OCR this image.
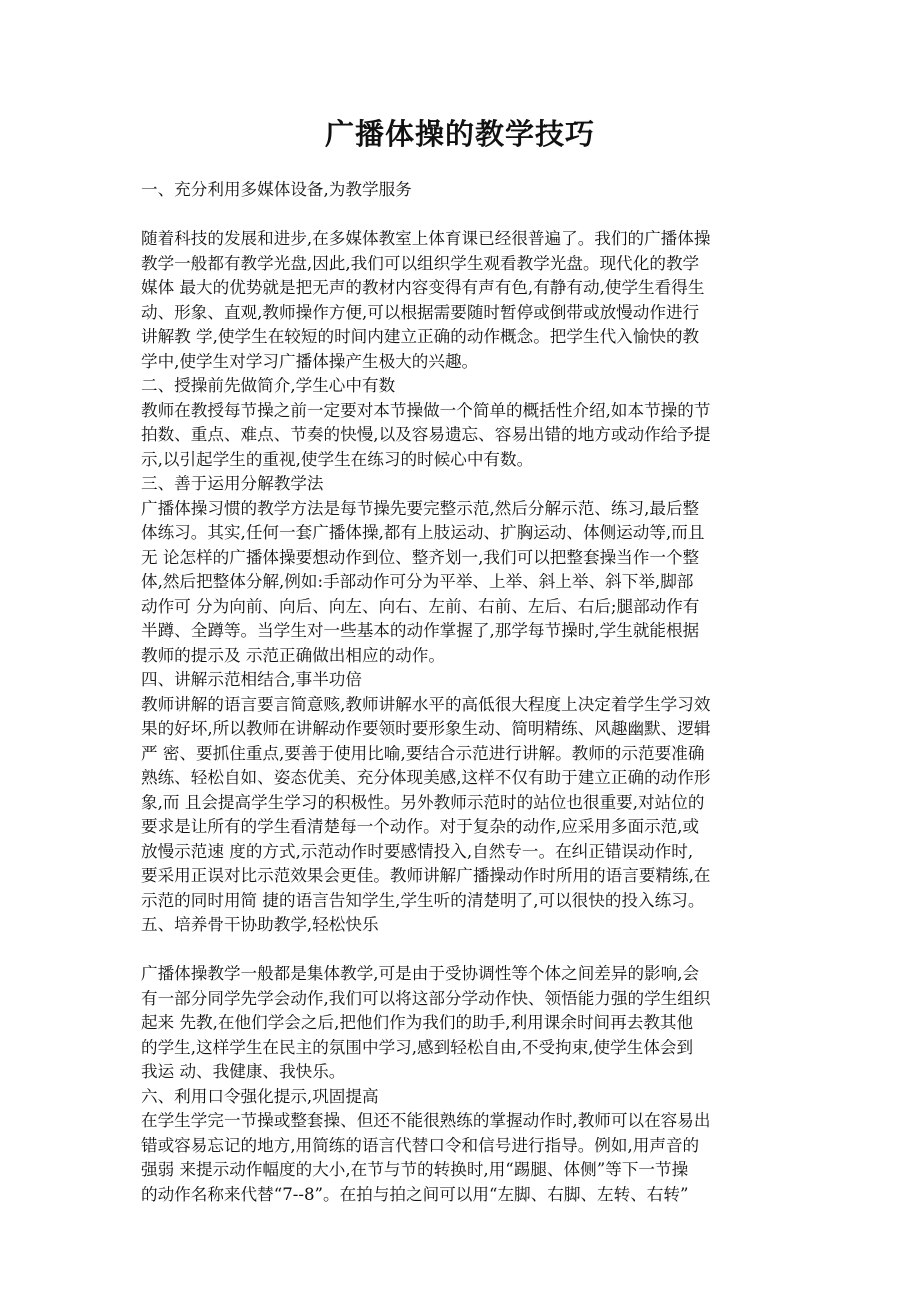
广播体操的教学技巧
一、充分利用多媒体设备,为教学服务
随着科技的发展和进步,在多媒体教室上体育课已经很普遍了。我们的广播体操
教学一般都有教学光盘,因此,我们可以组织学生观看教学光盘。现代化的教学
媒体 最大的优势就是把无声的教材内容变得有声有色,有静有动,使学生看得生
动、形象、直观,教师操作方便,可以根据需要随时暂停或倒带或放慢动作进行
讲解教 学,使学生在较短的时间内建立正确的动作概念。把学生代入愉快的教
学中,使学生对学习广播体操产生极大的兴趣。
二、授操前先做简介,学生心中有数
教师在教授每节操之前一定要对本节操做一个简单的概括性介绍,如本节操的节
拍数、重点、难点、节奏的快慢,以及容易遗忘、容易出错的地方或动作给予提
示,以引起学生的重视,使学生在练习的时候心中有数。
三、善于运用分解教学法
广播体操习惯的教学方法是每节操先要完整示范,然后分解示范、练习,最后整
体练习。其实,任何一套广播体操,都有上肢运动、扩胸运动、体侧运动等,而且
无 论怎样的广播体操要想动作到位、整齐划一,我们可以把整套操当作一个整
体,然后把整体分解,例如:手部动作可分为平举、上举、斜上举、斜下举,脚部
动作可 分为向前、向后、向左、向右、左前、右前、左后、右后;腿部动作有
半蹲、全蹲等。当学生对一些基本的动作掌握了,那学每节操时,学生就能根据
教师的提示及 示范正确做出相应的动作。
四、讲解示范相结合,事半功倍
教师讲解的语言要言简意赅,教师讲解水平的高低很大程度上决定着学生学习效
果的好坏,所以教师在讲解动作要领时要形象生动、简明精练、风趣幽默、逻辑
严 密、要抓住重点,要善于使用比喻,要结合示范进行讲解。教师的示范要准确
熟练、轻松自如、姿态优美、充分体现美感,这样不仅有助于建立正确的动作形
象,而 且会提高学生学习的积极性。另外教师示范时的站位也很重要,对站位的
要求是让所有的学生看清楚每一个动作。对于复杂的动作,应采用多面示范,或
放慢示范速 度的方式,示范动作时要感情投入,自然专一。在纠正错误动作时,
要采用正误对比示范效果会更佳。教师讲解广播操动作时所用的语言要精练,在
示范的同时用简 捷的语言告知学生,学生听的清楚明了,可以很快的投入练习。
五、培养骨干协助教学,轻松快乐
广播体操教学一般都是集体教学,可是由于受协调性等个体之间差异的影响,会
有一部分同学先学会动作,我们可以将这部分学动作快、领悟能力强的学生组织
起来 先教,在他们学会之后,把他们作为我们的助手,利用课余时间再去教其他
的学生,这样学生在民主的氛围中学习,感到轻松自由,不受拘束,使学生体会到
我运 动、我健康、我快乐。
六、利用口令强化提示,巩固提高
在学生学完一节操或整套操、但还不能很熟练的掌握动作时,教师可以在容易出
错或容易忘记的地方,用简练的语言代替口令和信号进行指导。例如,用声音的
强弱 来提示动作幅度的大小,在节与节的转换时,用“踢腿、体侧”等下一节操
的动作名称来代替“7--8”。在拍与拍之间可以用“左脚、右脚、左转、右转”
